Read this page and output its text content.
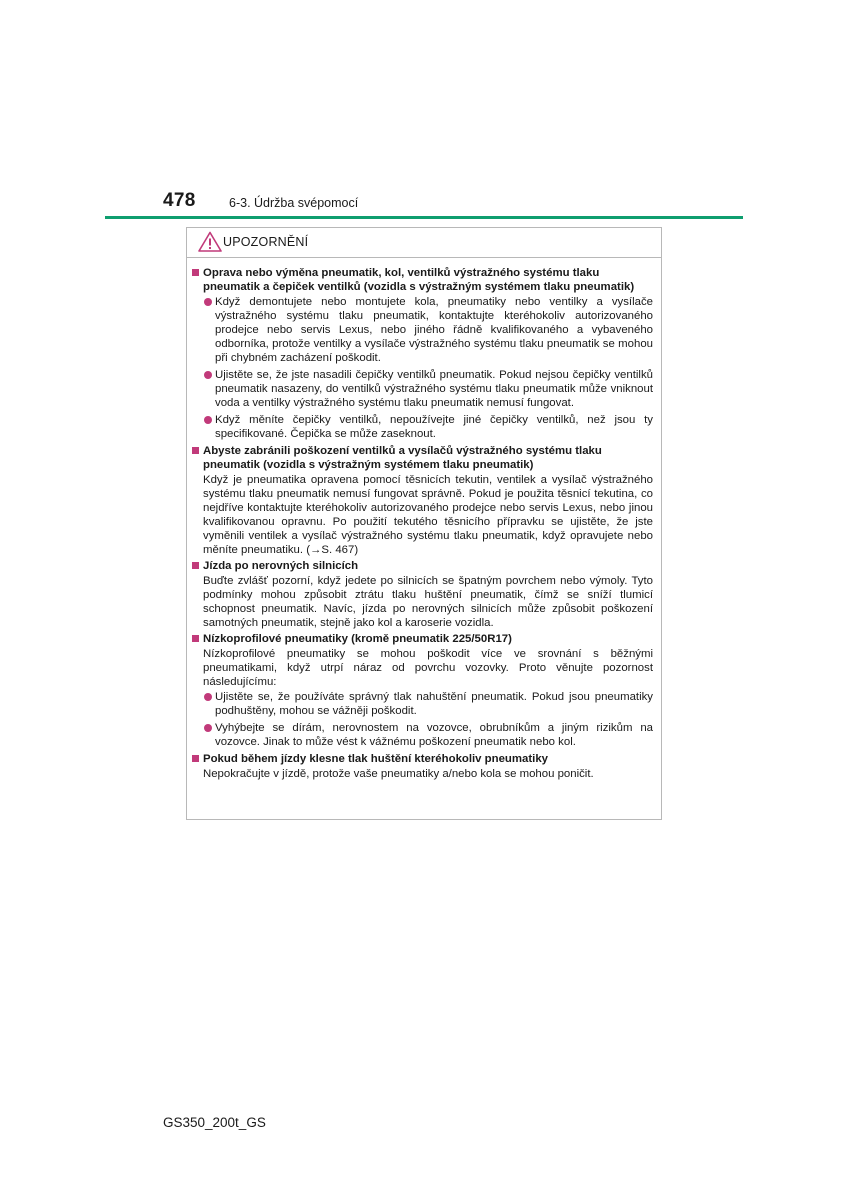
478	6-3. Údržba svépomocí
UPOZORNĚNÍ
Oprava nebo výměna pneumatik, kol, ventilků výstražného systému tlaku pneumatik a čepiček ventilků (vozidla s výstražným systémem tlaku pneumatik)
Když demontujete nebo montujete kola, pneumatiky nebo ventilky a vysílače výstražného systému tlaku pneumatik, kontaktujte kteréhokoliv autorizovaného prodejce nebo servis Lexus, nebo jiného řádně kvalifikovaného a vybaveného odborníka, protože ventilky a vysílače výstražného systému tlaku pneumatik se mohou při chybném zacházení poškodit.
Ujistěte se, že jste nasadili čepičky ventilků pneumatik. Pokud nejsou čepičky ventilků pneumatik nasazeny, do ventilků výstražného systému tlaku pneumatik může vniknout voda a ventilky výstražného systému tlaku pneumatik nemusí fungovat.
Když měníte čepičky ventilků, nepoužívejte jiné čepičky ventilků, než jsou ty specifikované. Čepička se může zaseknout.
Abyste zabránili poškození ventilků a vysílačů výstražného systému tlaku pneumatik (vozidla s výstražným systémem tlaku pneumatik)
Když je pneumatika opravena pomocí těsnicích tekutin, ventilek a vysílač výstražného systému tlaku pneumatik nemusí fungovat správně. Pokud je použita těsnicí tekutina, co nejdříve kontaktujte kteréhokoliv autorizovaného prodejce nebo servis Lexus, nebo jinou kvalifikovanou opravnu. Po použití tekutého těsnicího přípravku se ujistěte, že jste vyměnili ventilek a vysílač výstražného systému tlaku pneumatik, když opravujete nebo měníte pneumatiku. (→S. 467)
Jízda po nerovných silnicích
Buďte zvlášť pozorní, když jedete po silnicích se špatným povrchem nebo výmoly. Tyto podmínky mohou způsobit ztrátu tlaku huštění pneumatik, čímž se sníží tlumicí schopnost pneumatik. Navíc, jízda po nerovných silnicích může způsobit poškození samotných pneumatik, stejně jako kol a karoserie vozidla.
Nízkoprofilové pneumatiky (kromě pneumatik 225/50R17)
Nízkoprofilové pneumatiky se mohou poškodit více ve srovnání s běžnými pneumatikami, když utrpí náraz od povrchu vozovky. Proto věnujte pozornost následujícímu:
Ujistěte se, že používáte správný tlak nahuštění pneumatik. Pokud jsou pneumatiky podhuštěny, mohou se vážněji poškodit.
Vyhýbejte se dírám, nerovnostem na vozovce, obrubníkům a jiným rizikům na vozovce. Jinak to může vést k vážnému poškození pneumatik nebo kol.
Pokud během jízdy klesne tlak huštění kteréhokoliv pneumatiky
Nepokračujte v jízdě, protože vaše pneumatiky a/nebo kola se mohou poničit.
GS350_200t_GS
